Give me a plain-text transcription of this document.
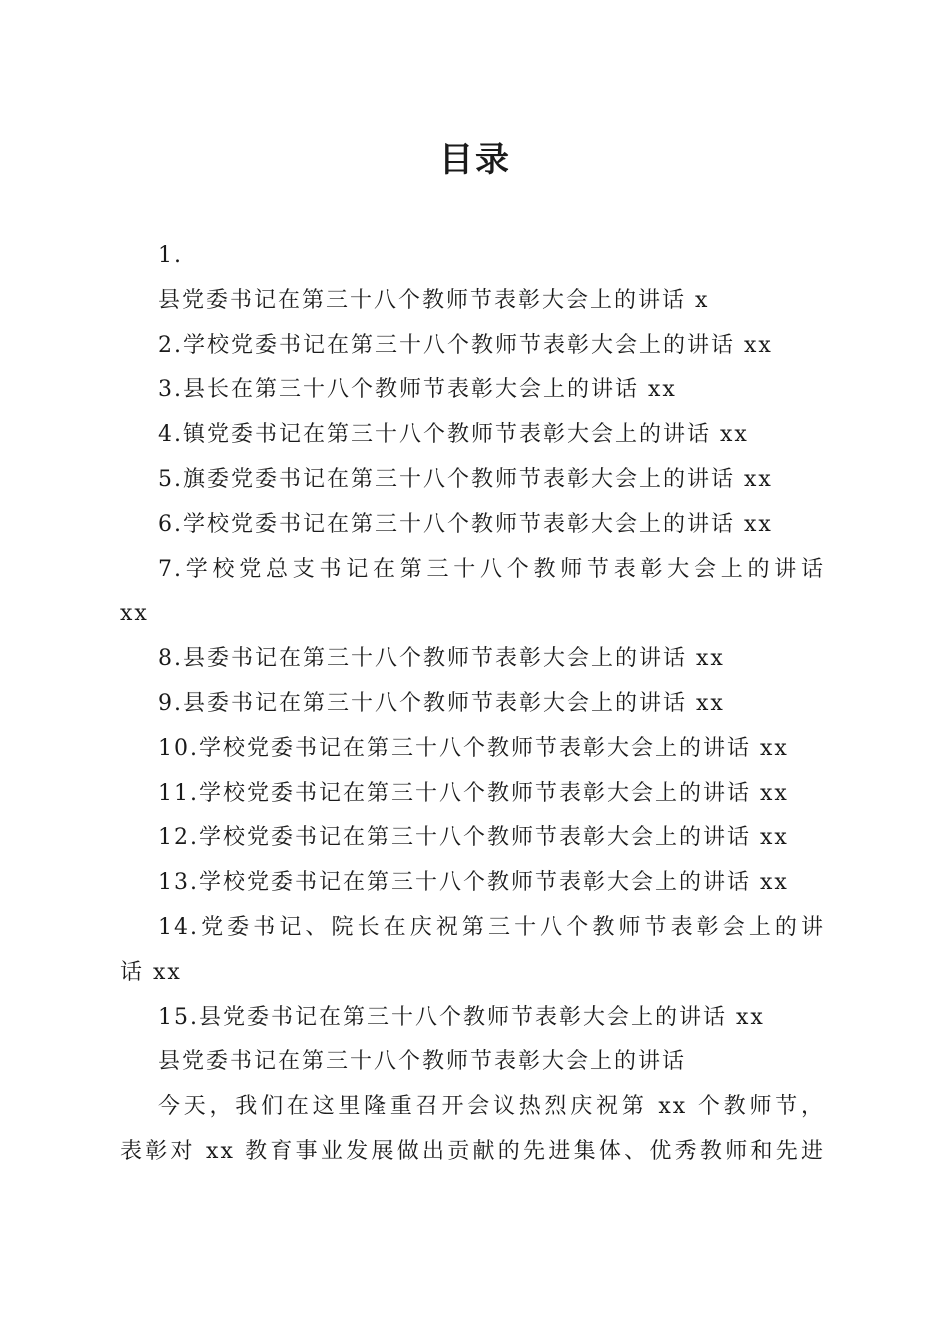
目录
1.
县党委书记在第三十八个教师节表彰大会上的讲话 x
2.学校党委书记在第三十八个教师节表彰大会上的讲话 xx
3.县长在第三十八个教师节表彰大会上的讲话 xx
4.镇党委书记在第三十八个教师节表彰大会上的讲话 xx
5.旗委党委书记在第三十八个教师节表彰大会上的讲话 xx
6.学校党委书记在第三十八个教师节表彰大会上的讲话 xx
7.学校党总支书记在第三十八个教师节表彰大会上的讲话
xx
8.县委书记在第三十八个教师节表彰大会上的讲话 xx
9.县委书记在第三十八个教师节表彰大会上的讲话 xx
10.学校党委书记在第三十八个教师节表彰大会上的讲话 xx
11.学校党委书记在第三十八个教师节表彰大会上的讲话 xx
12.学校党委书记在第三十八个教师节表彰大会上的讲话 xx
13.学校党委书记在第三十八个教师节表彰大会上的讲话 xx
14.党委书记、院长在庆祝第三十八个教师节表彰会上的讲
话 xx
15.县党委书记在第三十八个教师节表彰大会上的讲话 xx
县党委书记在第三十八个教师节表彰大会上的讲话
今天，我们在这里隆重召开会议热烈庆祝第 xx 个教师节，
表彰对 xx 教育事业发展做出贡献的先进集体、优秀教师和先进
